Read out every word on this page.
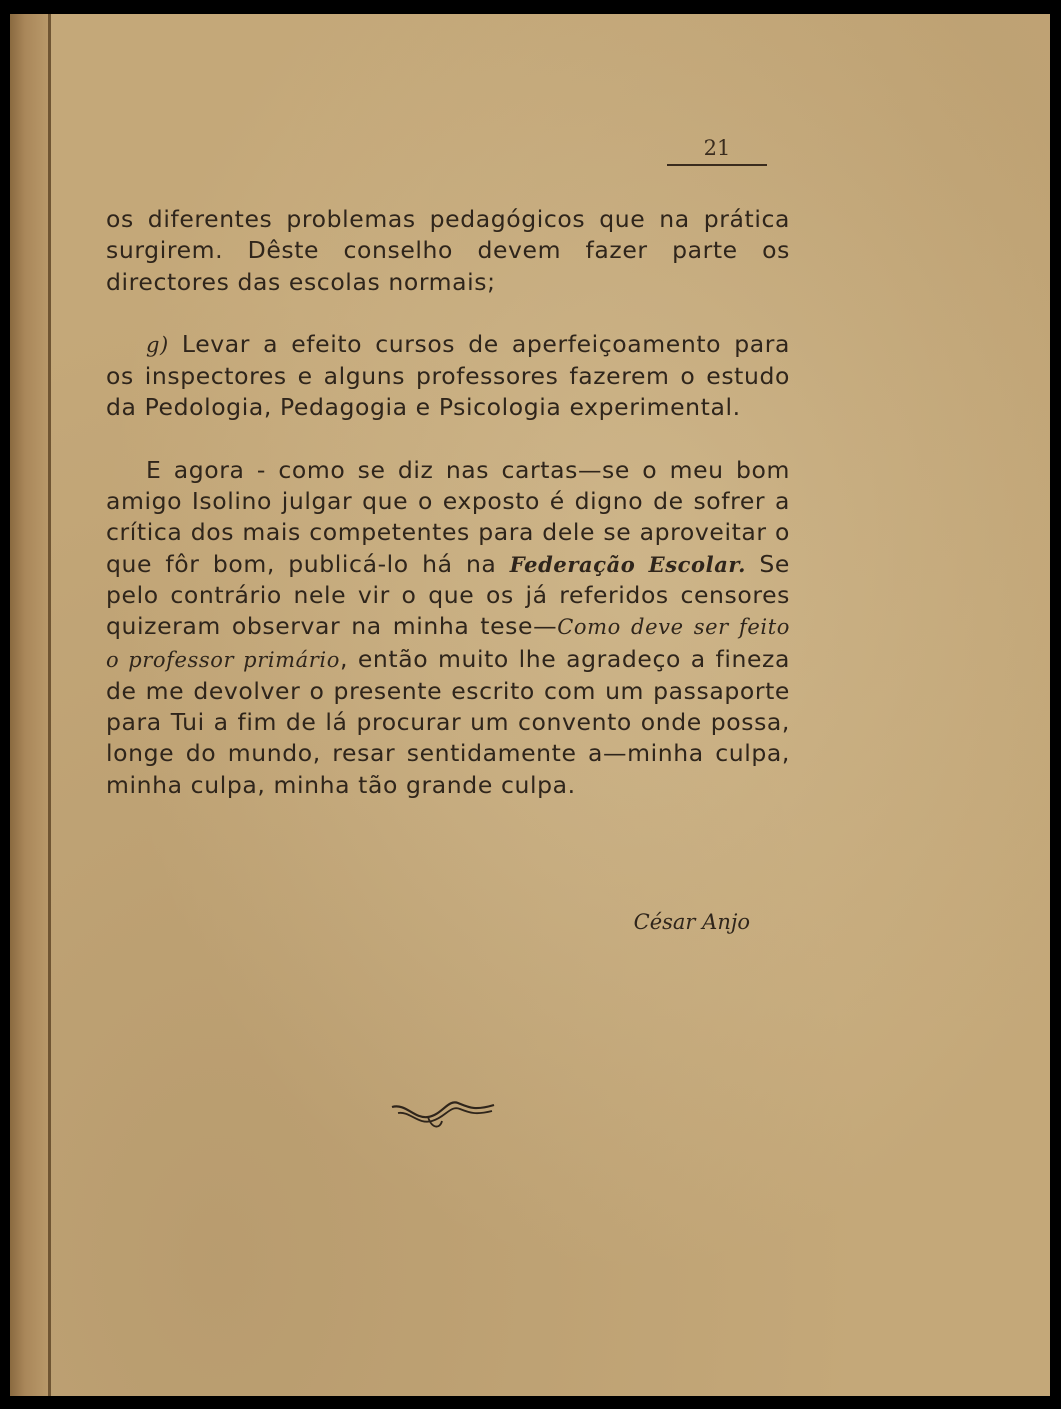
21

os diferentes problemas pedagógicos que na prática surgirem. Dêste conselho devem fazer parte os directores das escolas normais;

g) Levar a efeito cursos de aperfeiçoamento para os inspectores e alguns professores fazerem o estudo da Pedologia, Pedagogia e Psicologia experimental.

E agora - como se diz nas cartas—se o meu bom amigo Isolino julgar que o exposto é digno de sofrer a crítica dos mais competentes para dele se aproveitar o que fôr bom, publicá-lo há na Federação Escolar. Se pelo contrário nele vir o que os já referidos censores quizeram observar na minha tese—Como deve ser feito o professor primário, então muito lhe agradeço a fineza de me devolver o presente escrito com um passaporte para Tui a fim de lá procurar um convento onde possa, longe do mundo, resar sentidamente a—minha culpa, minha culpa, minha tão grande culpa.

César Anjo
